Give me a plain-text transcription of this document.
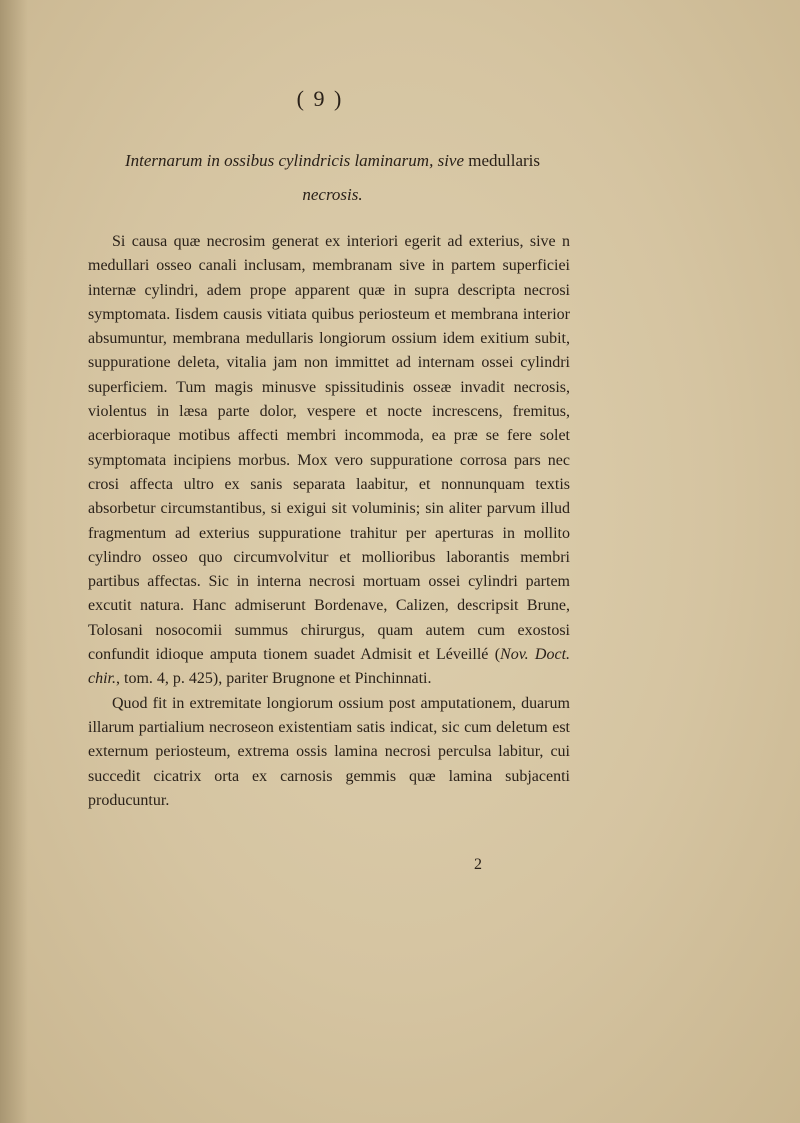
( 9 )
Internarum in ossibus cylindricis laminarum, sive medullaris
necrosis.

Si causa quæ necrosim generat ex interiori egerit ad exterius, sive n medullari osseo canali inclusam, membranam sive in partem superficiei internæ cylindri, adem prope apparent quæ in supra descripta necrosi symptomata. Iisdem causis vitiata quibus periosteum et membrana interior absumuntur, membrana medullaris longiorum ossium idem exitium subit, suppuratione deleta, vitalia jam non immittet ad internam ossei cylindri superficiem. Tum magis minusve spissitudinis osseæ invadit necrosis, violentus in læsa parte dolor, vespere et nocte increscens, fremitus, acerbioraque motibus affecti membri incommoda, ea præ se fere solet symptomata incipiens morbus. Mox vero suppuratione corrosa pars nec crosi affecta ultro ex sanis separata laabitur, et nonnunquam textis absorbetur circumstantibus, si exigui sit voluminis; sin aliter parvum illud fragmentum ad exterius suppuratione trahitur per aperturas in mollito cylindro osseo quo circumvolvitur et mollioribus laborantis membri partibus affectas. Sic in interna necrosi mortuam ossei cylindri partem excutit natura. Hanc admiserunt Bordenave, Calizen, descripsit Brune, Tolosani nosocomii summus chirurgus, quam autem cum exostosi confundit idioque amputa tionem suadet Admisit et Léveillé (Nov. Doct. chir., tom. 4, p. 425), pariter Brugnone et Pinchinnati.

Quod fit in extremitate longiorum ossium post amputationem, duarum illarum partialium necroseon existentiam satis indicat, sic cum deletum est externum periosteum, extrema ossis lamina necrosi perculsa labitur, cui succedit cicatrix orta ex carnosis gemmis quæ lamina subjacenti producuntur.

2
